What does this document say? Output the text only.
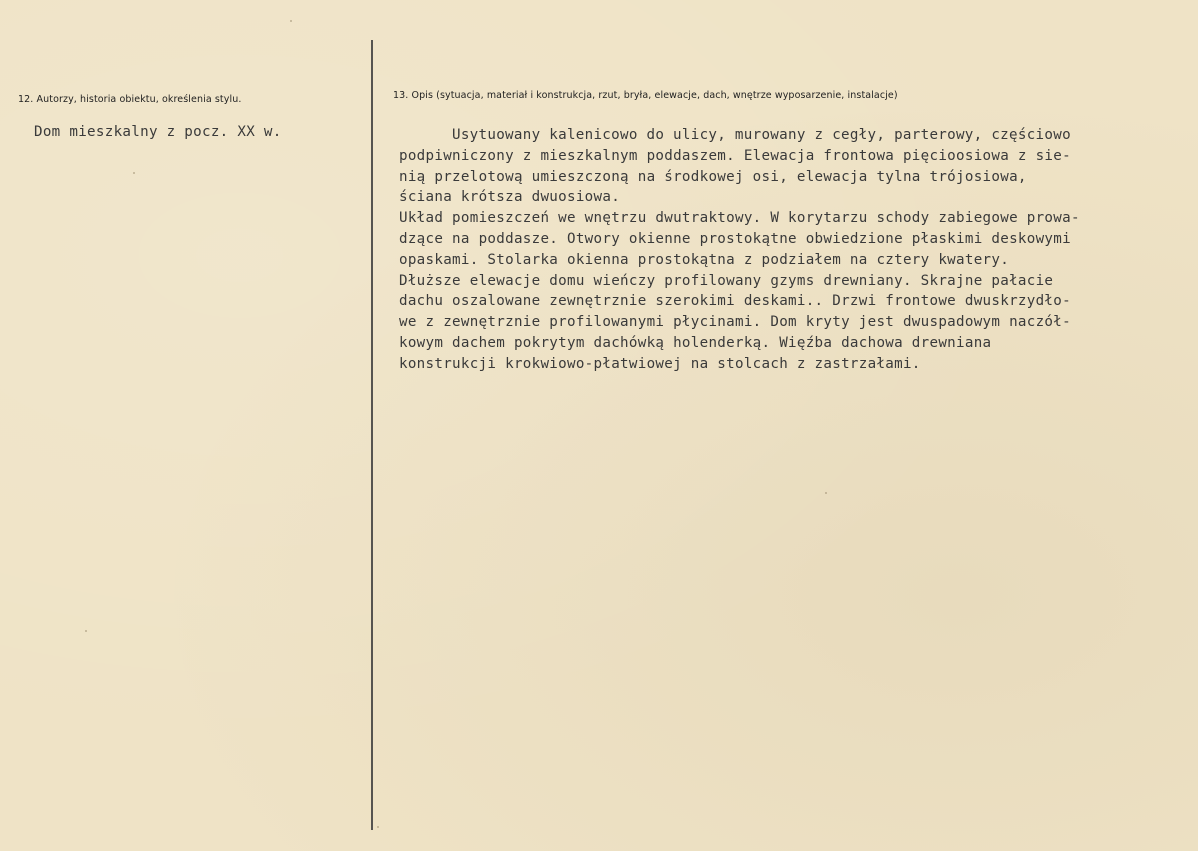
12. Autorzy, historia obiektu, określenia stylu.
Dom mieszkalny z pocz. XX w.
13. Opis (sytuacja, materiał i konstrukcja, rzut, bryła, elewacje, dach, wnętrze wyposarzenie, instalacje)
Usytuowany kalenicowo do ulicy, murowany z cegły, parterowy, częściowo
podpiwniczony z mieszkalnym poddaszem. Elewacja frontowa pięcioosiowa z sie-
nią przelotową umieszczoną na środkowej osi, elewacja tylna trójosiowa,
ściana krótsza dwuosiowa.
Układ pomieszczeń we wnętrzu dwutraktowy. W korytarzu schody zabiegowe prowa-
dzące na poddasze. Otwory okienne prostokątne obwiedzione płaskimi deskowymi
opaskami. Stolarka okienna prostokątna z podziałem na cztery kwatery.
Dłuższe elewacje domu wieńczy profilowany gzyms drewniany. Skrajne pałacie
dachu oszalowane zewnętrznie szerokimi deskami.. Drzwi frontowe dwuskrzydło-
we z zewnętrznie profilowanymi płycinami. Dom kryty jest dwuspadowym naczół-
kowym dachem pokrytym dachówką holenderką. Więźba dachowa drewniana
konstrukcji krokwiowo-płatwiowej na stolcach z zastrzałami.
